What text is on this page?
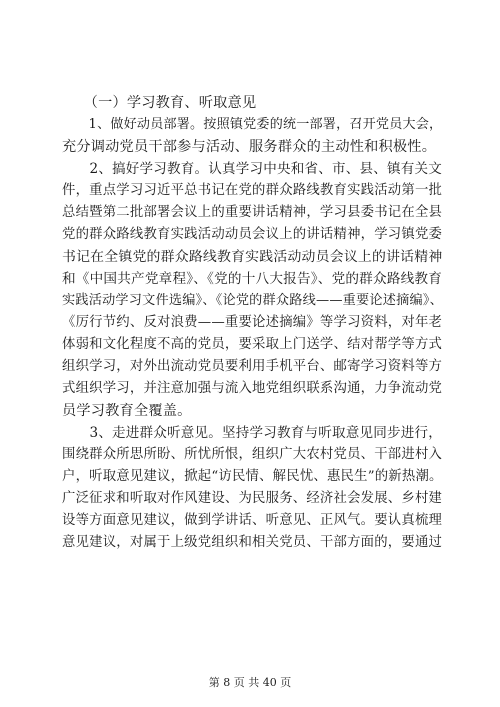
　　（一）学习教育、听取意见
　　1、做好动员部署。按照镇党委的统一部署，召开党员大会，
充分调动党员干部参与活动、服务群众的主动性和积极性。
　　2、搞好学习教育。认真学习中央和省、市、县、镇有关文
件，重点学习习近平总书记在党的群众路线教育实践活动第一批
总结暨第二批部署会议上的重要讲话精神，学习县委书记在全县
党的群众路线教育实践活动动员会议上的讲话精神，学习镇党委
书记在全镇党的群众路线教育实践活动动员会议上的讲话精神
和《中国共产党章程》、《党的十八大报告》、党的群众路线教育
实践活动学习文件选编》、《论党的群众路线——重要论述摘编》、
《厉行节约、反对浪费——重要论述摘编》等学习资料，对年老
体弱和文化程度不高的党员，要采取上门送学、结对帮学等方式
组织学习，对外出流动党员要利用手机平台、邮寄学习资料等方
式组织学习，并注意加强与流入地党组织联系沟通，力争流动党
员学习教育全覆盖。
　　3、走进群众听意见。坚持学习教育与听取意见同步进行，
围绕群众所思所盼、所忧所恨，组织广大农村党员、干部进村入
户，听取意见建议，掀起“访民情、解民忧、惠民生”的新热潮。
广泛征求和听取对作风建设、为民服务、经济社会发展、乡村建
设等方面意见建议，做到学讲话、听意见、正风气。要认真梳理
意见建议，对属于上级党组织和相关党员、干部方面的，要通过
第 8 页 共 40 页
